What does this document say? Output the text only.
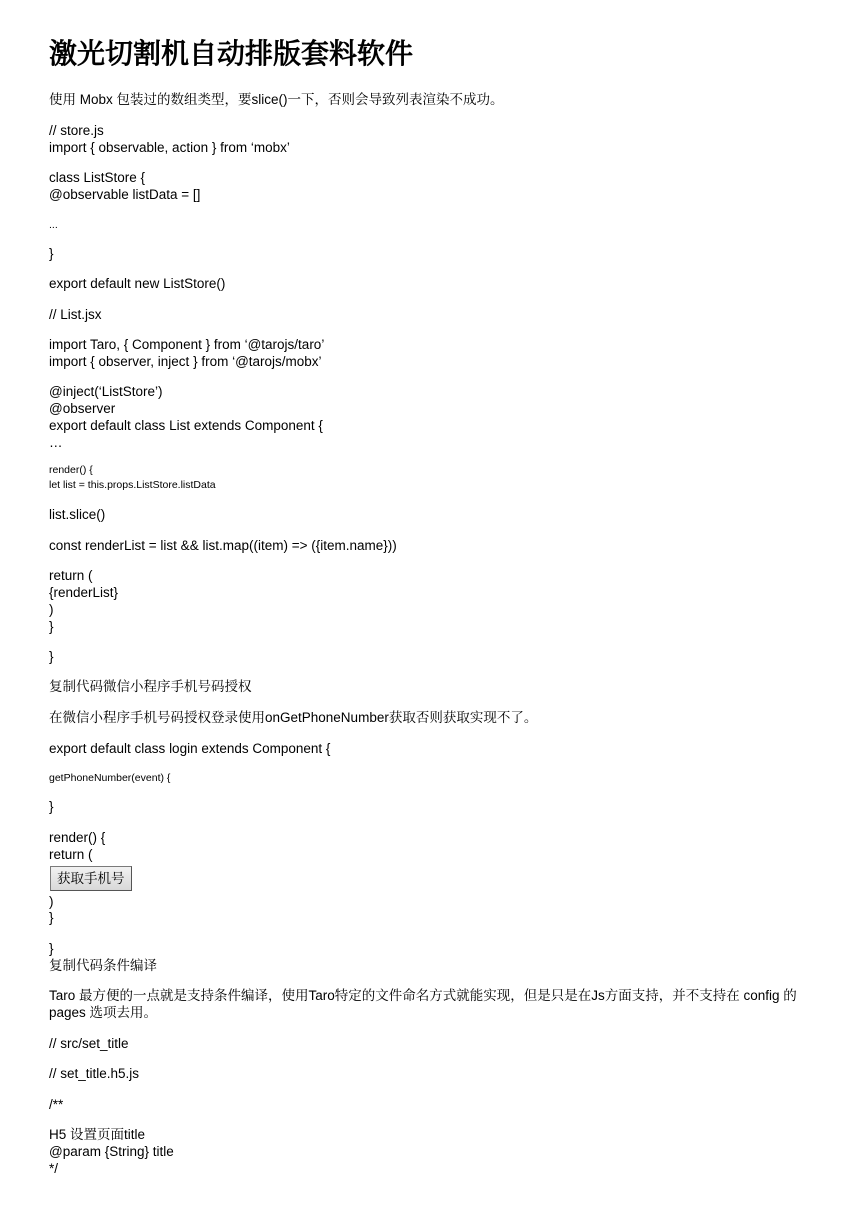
激光切割机自动排版套料软件

使用 Mobx 包装过的数组类型，要slice()一下，否则会导致列表渲染不成功。

// store.js

import { observable, action } from ‘mobx’

class ListStore {

@observable listData = []

...

}

export default new ListStore()

// List.jsx

import Taro, { Component } from ‘@tarojs/taro’

import { observer, inject } from ‘@tarojs/mobx’

@inject(‘ListStore’)

@observer

export default class List extends Component {

…

render() {

let list = this.props.ListStore.listData

list.slice()

const renderList = list && list.map((item) => ({item.name}))

return (

{renderList}

)

}

}

复制代码微信小程序手机号码授权

在微信小程序手机号码授权登录使用onGetPhoneNumber获取否则获取实现不了。

export default class login extends Component {

getPhoneNumber(event) {

}

render() {

return (

获取手机号

)

}

}

复制代码条件编译

Taro 最方便的一点就是支持条件编译，使用Taro特定的文件命名方式就能实现，但是只是在Js方面支持，并不支持在 config 的 pages 选项去用。

// src/set_title

// set_title.h5.js

/**

H5 设置页面title

@param {String} title

*/
